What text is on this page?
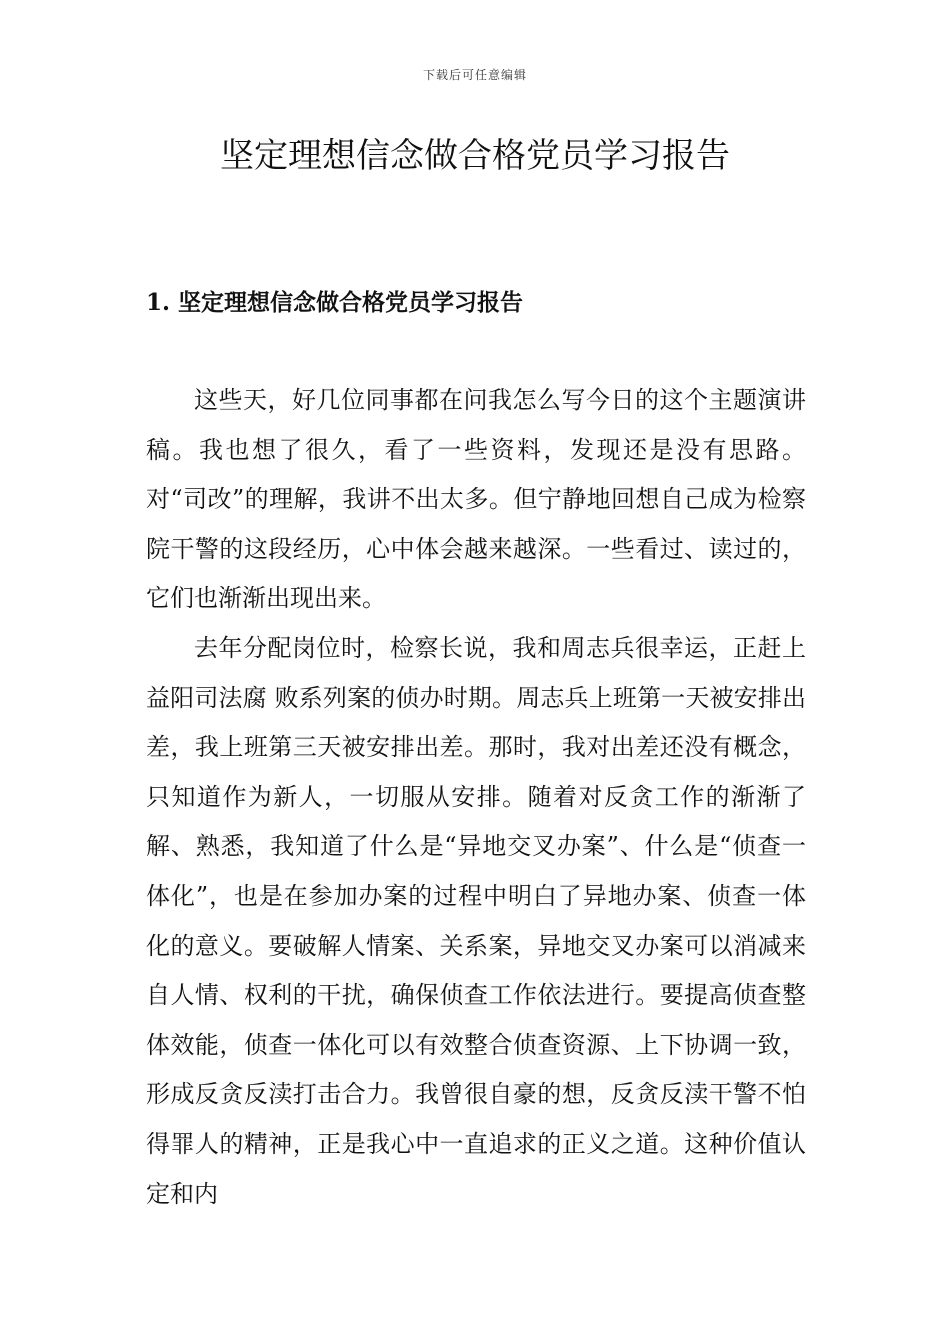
下载后可任意编辑
坚定理想信念做合格党员学习报告
1. 坚定理想信念做合格党员学习报告

这些天，好几位同事都在问我怎么写今日的这个主题演讲稿。我也想了很久，看了一些资料，发现还是没有思路。对“司改”的理解，我讲不出太多。但宁静地回想自己成为检察院干警的这段经历，心中体会越来越深。一些看过、读过的，它们也渐渐出现出来。

去年分配岗位时，检察长说，我和周志兵很幸运，正赶上益阳司法腐 败系列案的侦办时期。周志兵上班第一天被安排出差，我上班第三天被安排出差。那时，我对出差还没有概念，只知道作为新人，一切服从安排。随着对反贪工作的渐渐了解、熟悉，我知道了什么是“异地交叉办案”、什么是“侦查一体化”，也是在参加办案的过程中明白了异地办案、侦查一体化的意义。要破解人情案、关系案，异地交叉办案可以消减来自人情、权利的干扰，确保侦查工作依法进行。要提高侦查整体效能，侦查一体化可以有效整合侦查资源、上下协调一致，形成反贪反渎打击合力。我曾很自豪的想，反贪反渎干警不怕得罪人的精神，正是我心中一直追求的正义之道。这种价值认定和内
